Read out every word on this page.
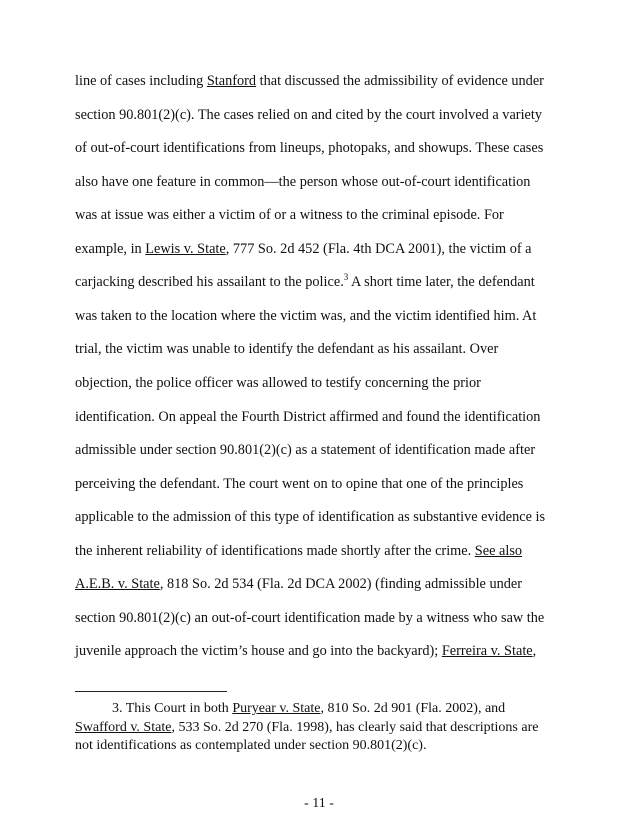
line of cases including Stanford that discussed the admissibility of evidence under
section 90.801(2)(c). The cases relied on and cited by the court involved a variety
of out-of-court identifications from lineups, photopaks, and showups. These cases
also have one feature in common—the person whose out-of-court identification
was at issue was either a victim of or a witness to the criminal episode. For
example, in Lewis v. State, 777 So. 2d 452 (Fla. 4th DCA 2001), the victim of a
carjacking described his assailant to the police.$^3$ A short time later, the defendant
was taken to the location where the victim was, and the victim identified him. At
trial, the victim was unable to identify the defendant as his assailant. Over
objection, the police officer was allowed to testify concerning the prior
identification. On appeal the Fourth District affirmed and found the identification
admissible under section 90.801(2)(c) as a statement of identification made after
perceiving the defendant. The court went on to opine that one of the principles
applicable to the admission of this type of identification as substantive evidence is
the inherent reliability of identifications made shortly after the crime. See also
A.E.B. v. State, 818 So. 2d 534 (Fla. 2d DCA 2002) (finding admissible under
section 90.801(2)(c) an out-of-court identification made by a witness who saw the
juvenile approach the victim’s house and go into the backyard); Ferreira v. State,
3. This Court in both Puryear v. State, 810 So. 2d 901 (Fla. 2002), and
Swafford v. State, 533 So. 2d 270 (Fla. 1998), has clearly said that descriptions are
not identifications as contemplated under section 90.801(2)(c).
- 11 -
